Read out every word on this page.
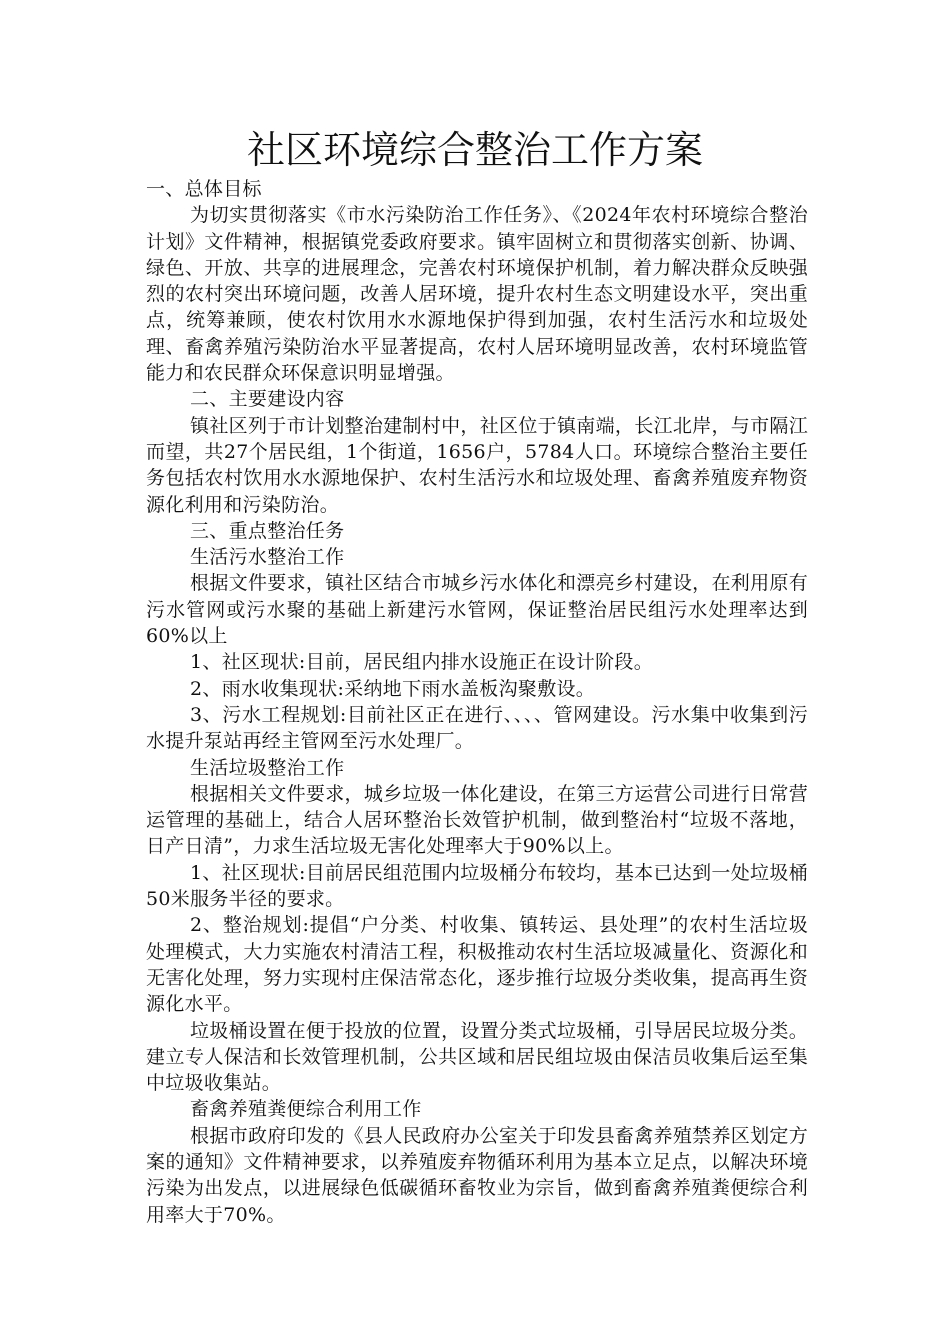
社区环境综合整治工作方案

一、总体目标

为切实贯彻落实《市水污染防治工作任务》、《2024年农村环境综合整治计划》文件精神，根据镇党委政府要求。镇牢固树立和贯彻落实创新、协调、绿色、开放、共享的进展理念，完善农村环境保护机制，着力解决群众反映强烈的农村突出环境问题，改善人居环境，提升农村生态文明建设水平，突出重点，统筹兼顾，使农村饮用水水源地保护得到加强，农村生活污水和垃圾处理、畜禽养殖污染防治水平显著提高，农村人居环境明显改善，农村环境监管能力和农民群众环保意识明显增强。

二、主要建设内容

镇社区列于市计划整治建制村中，社区位于镇南端，长江北岸，与市隔江而望，共27个居民组，1个街道，1656户，5784人口。环境综合整治主要任务包括农村饮用水水源地保护、农村生活污水和垃圾处理、畜禽养殖废弃物资源化利用和污染防治。

三、重点整治任务

生活污水整治工作

根据文件要求，镇社区结合市城乡污水体化和漂亮乡村建设，在利用原有污水管网或污水聚的基础上新建污水管网，保证整治居民组污水处理率达到60%以上

1、社区现状:目前，居民组内排水设施正在设计阶段。

2、雨水收集现状:采纳地下雨水盖板沟聚敷设。

3、污水工程规划:目前社区正在进行、、、、管网建设。污水集中收集到污水提升泵站再经主管网至污水处理厂。

生活垃圾整治工作

根据相关文件要求，城乡垃圾一体化建设，在第三方运营公司进行日常营运管理的基础上，结合人居环整治长效管护机制，做到整治村“垃圾不落地，日产日清”，力求生活垃圾无害化处理率大于90%以上。

1、社区现状:目前居民组范围内垃圾桶分布较均，基本已达到一处垃圾桶50米服务半径的要求。

2、整治规划:提倡“户分类、村收集、镇转运、县处理”的农村生活垃圾处理模式，大力实施农村清洁工程，积极推动农村生活垃圾减量化、资源化和无害化处理，努力实现村庄保洁常态化，逐步推行垃圾分类收集，提高再生资源化水平。

垃圾桶设置在便于投放的位置，设置分类式垃圾桶，引导居民垃圾分类。建立专人保洁和长效管理机制，公共区域和居民组垃圾由保洁员收集后运至集中垃圾收集站。

畜禽养殖粪便综合利用工作

根据市政府印发的《县人民政府办公室关于印发县畜禽养殖禁养区划定方案的通知》文件精神要求，以养殖废弃物循环利用为基本立足点，以解决环境污染为出发点，以进展绿色低碳循环畜牧业为宗旨，做到畜禽养殖粪便综合利用率大于70%。
